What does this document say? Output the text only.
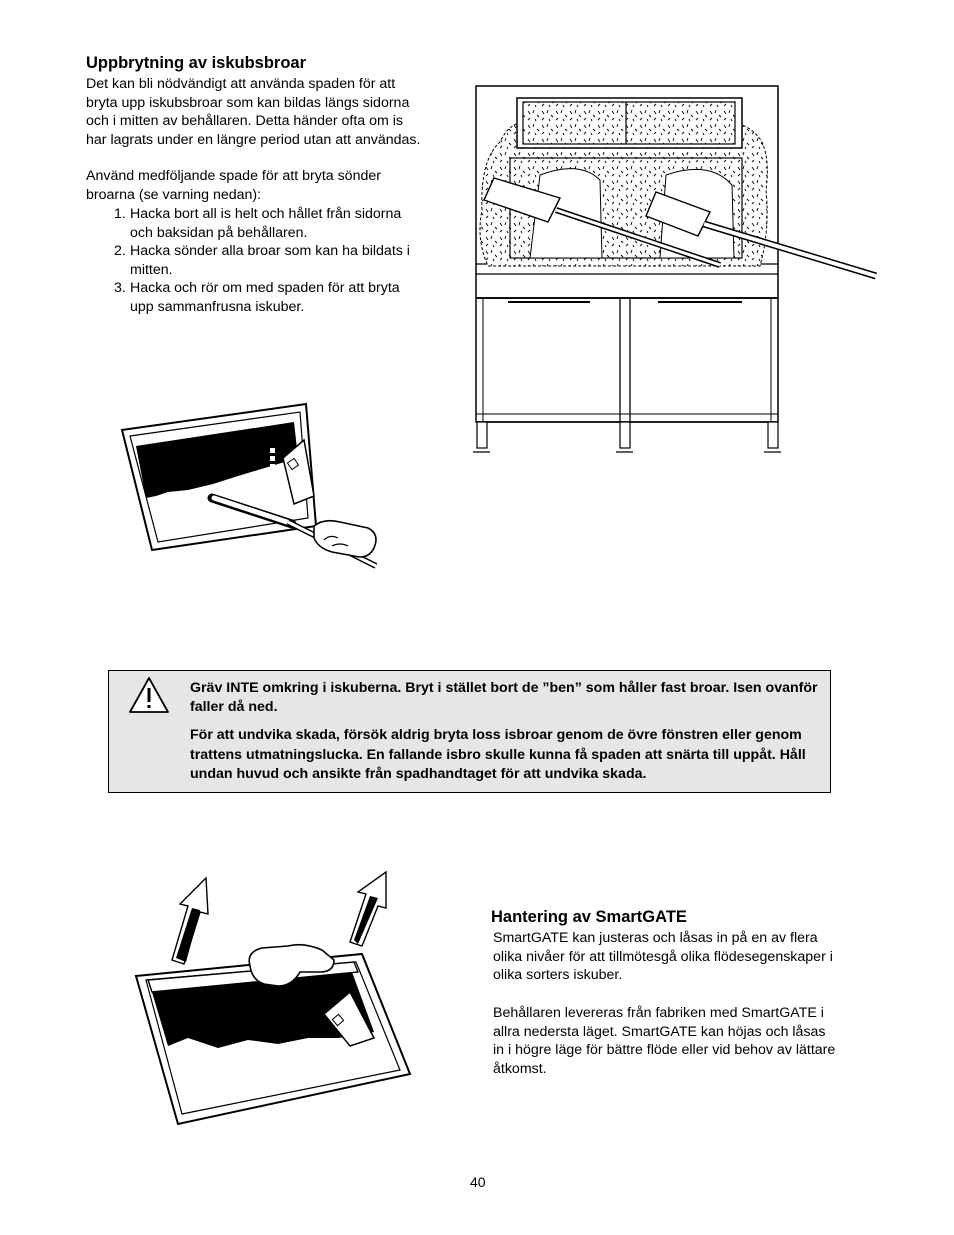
Uppbrytning av iskubsbroar
Det kan bli nödvändigt att använda spaden för att
bryta upp iskubsbroar som kan bildas längs sidorna
och i mitten av behållaren. Detta händer ofta om is
har lagrats under en längre period utan att användas.
Använd medföljande spade för att bryta sönder
broarna (se varning nedan):
1. Hacka bort all is helt och hållet från sidorna
och baksidan på behållaren.
2. Hacka sönder alla broar som kan ha bildats i
mitten.
3. Hacka och rör om med spaden för att bryta
upp sammanfrusna iskuber.

Gräv INTE omkring i iskuberna. Bryt i stället bort de ”ben” som håller fast broar. Isen ovanför faller då ned.

För att undvika skada, försök aldrig bryta loss isbroar genom de övre fönstren eller genom trattens utmatningslucka. En fallande isbro skulle kunna få spaden att snärta till uppåt. Håll undan huvud och ansikte från spadhandtaget för att undvika skada.

Hantering av SmartGATE
SmartGATE kan justeras och låsas in på en av flera
olika nivåer för att tillmötesgå olika flödesegenskaper i
olika sorters iskuber.
Behållaren levereras från fabriken med SmartGATE i
allra nedersta läget. SmartGATE kan höjas och låsas
in i högre läge för bättre flöde eller vid behov av lättare
åtkomst.
40
